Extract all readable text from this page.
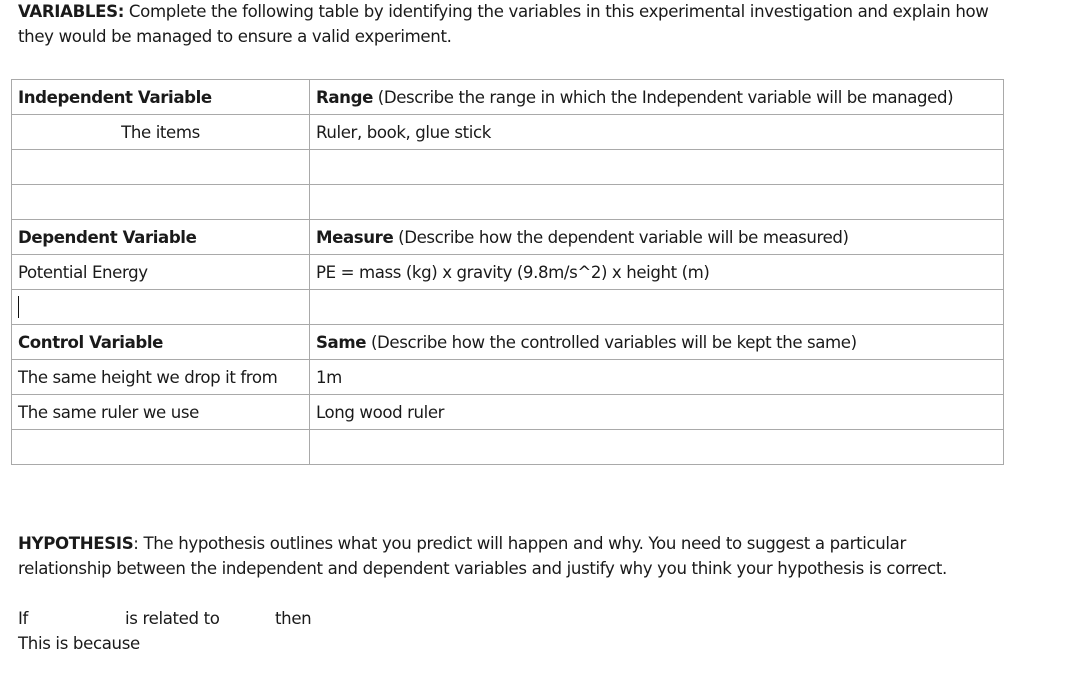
VARIABLES: Complete the following table by identifying the variables in this experimental investigation and explain how
they would be managed to ensure a valid experiment.
Independent Variable	Range (Describe the range in which the Independent variable will be managed)
The items	Ruler, book, glue stick

Dependent Variable	Measure (Describe how the dependent variable will be measured)
Potential Energy	PE = mass (kg) x gravity (9.8m/s^2) x height (m)

Control Variable	Same (Describe how the controlled variables will be kept the same)
The same height we drop it from	1m
The same ruler we use	Long wood ruler

HYPOTHESIS: The hypothesis outlines what you predict will happen and why. You need to suggest a particular
relationship between the independent and dependent variables and justify why you think your hypothesis is correct.
If	is related to	then
This is because
